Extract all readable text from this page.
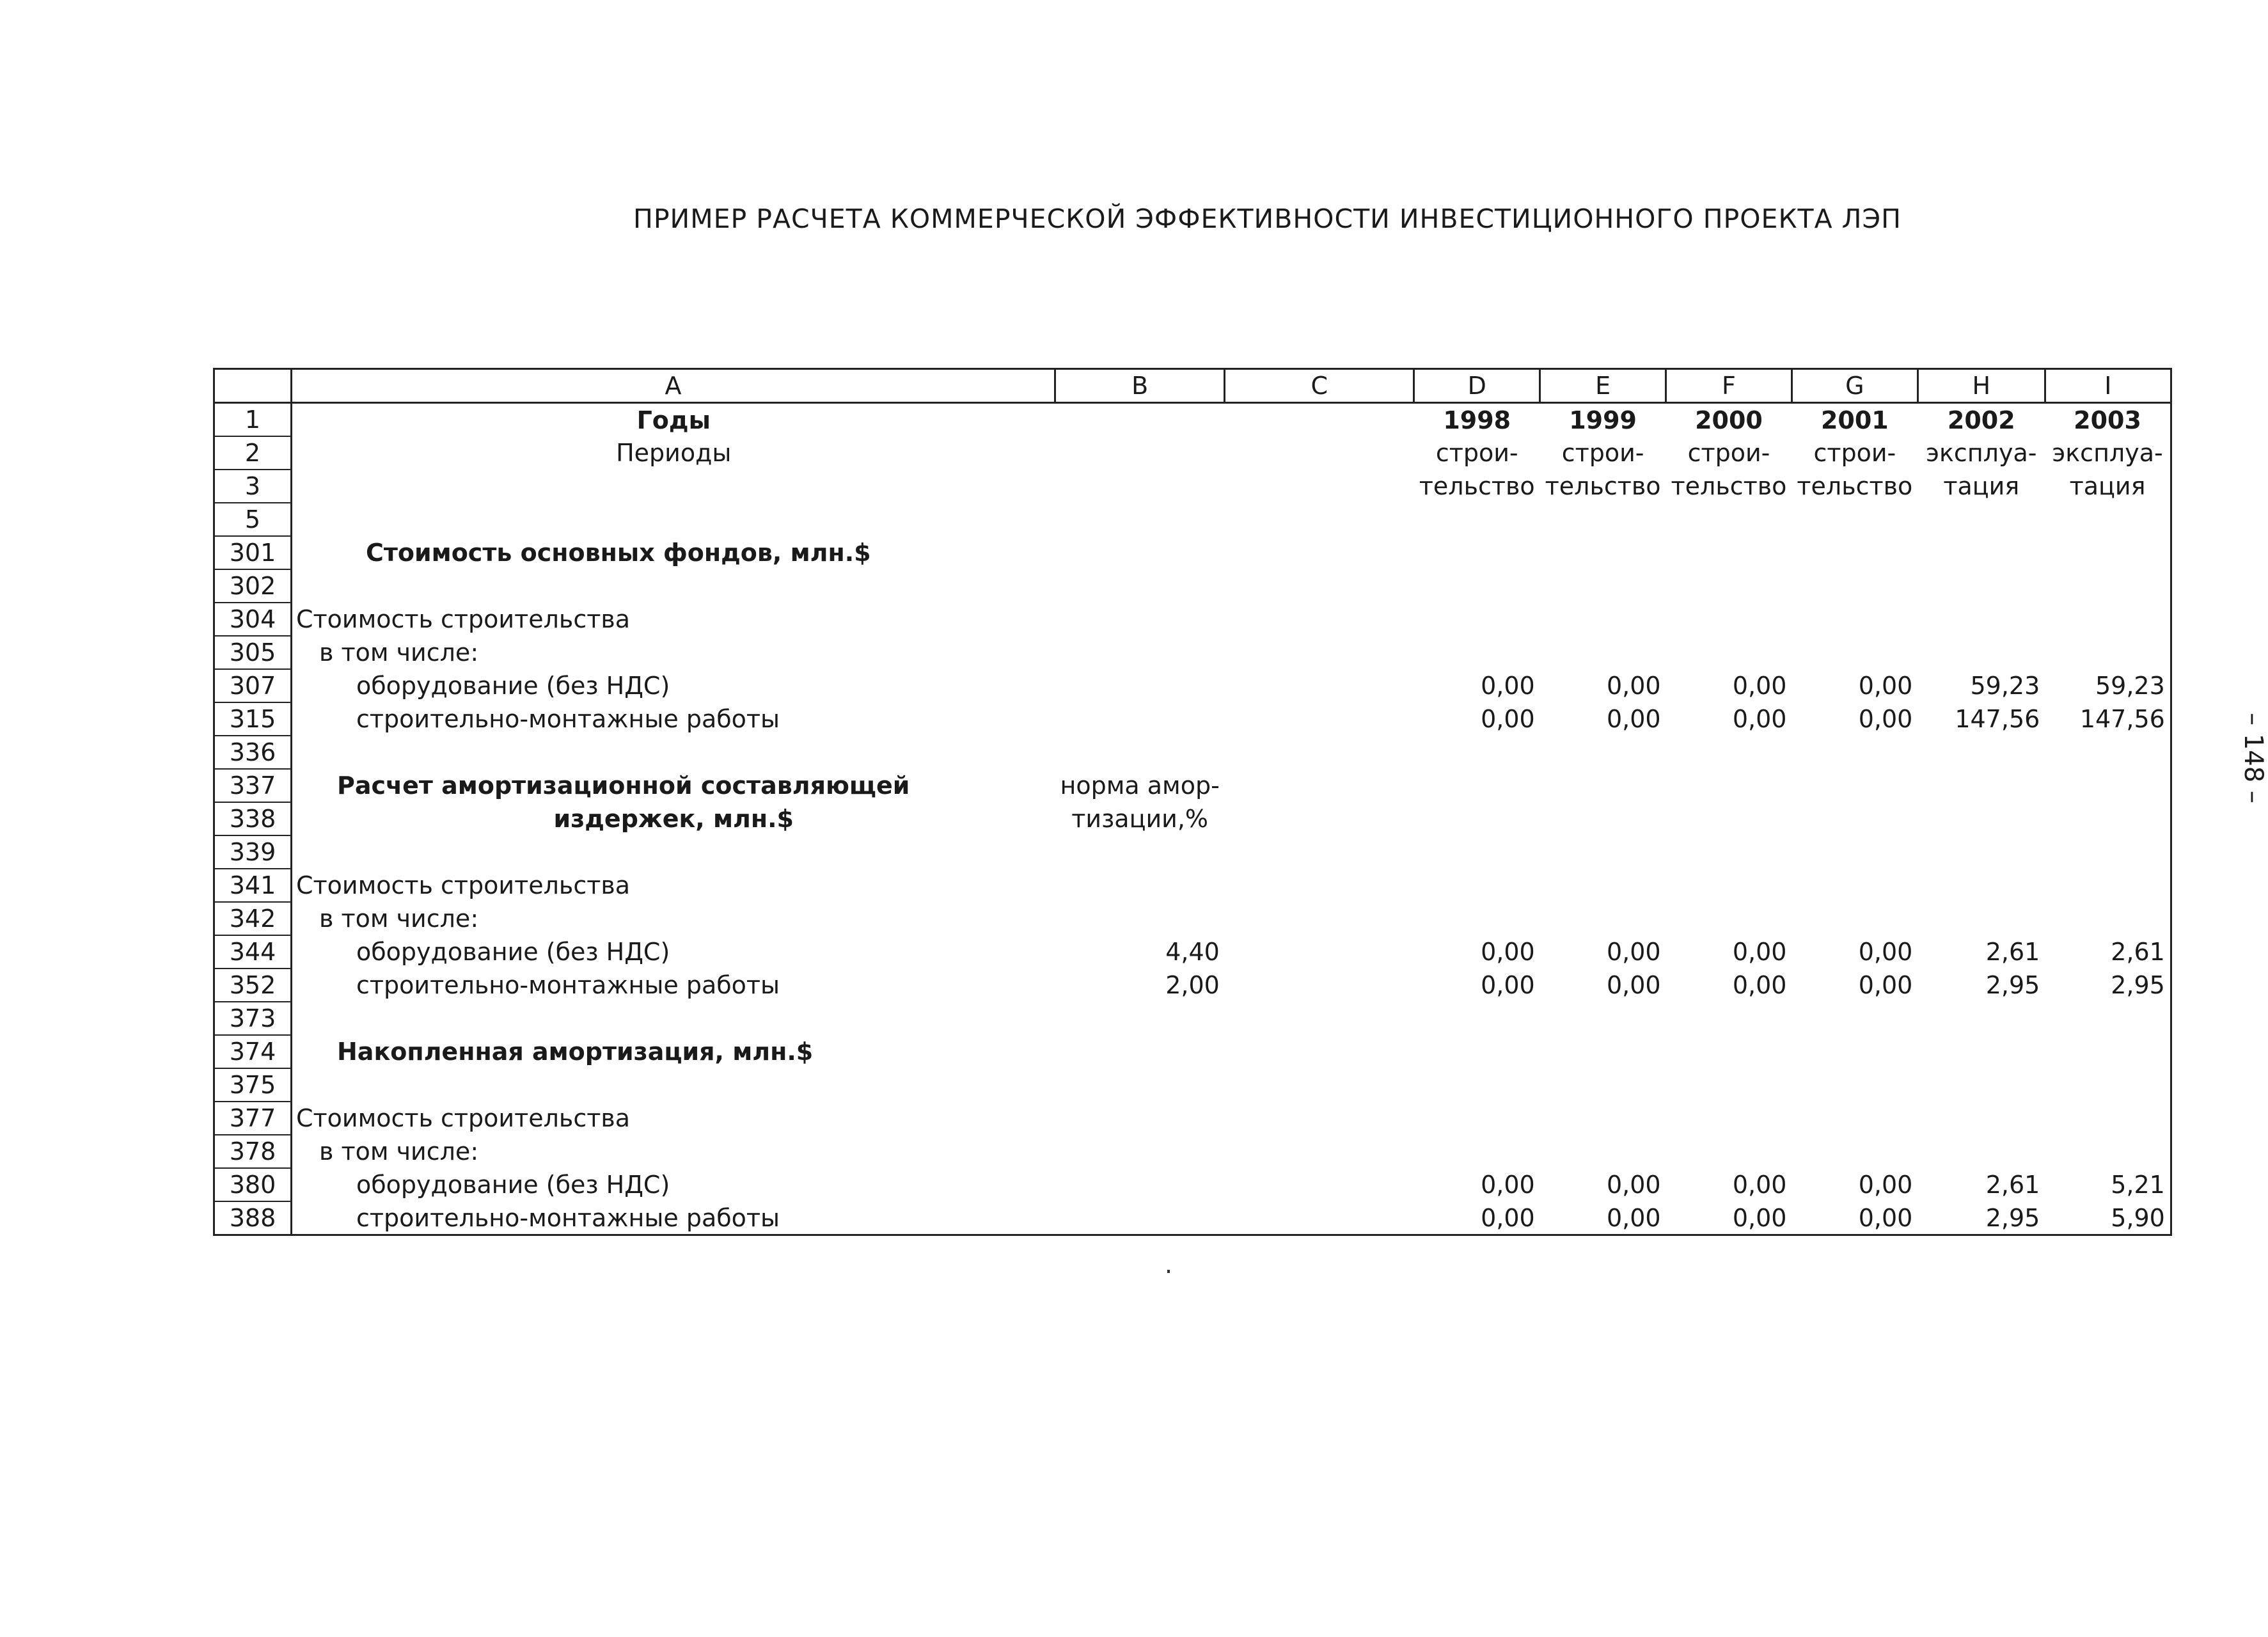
ПРИМЕР РАСЧЕТА КОММЕРЧЕСКОЙ ЭФФЕКТИВНОСТИ ИНВЕСТИЦИОННОГО ПРОЕКТА ЛЭП
– 148 –
	A	B	C	D	E	F	G	H	I
1	Годы			1998	1999	2000	2001	2002	2003
2	Периоды			строи-	строи-	строи-	строи-	эксплуа-	эксплуа-
3				тельство	тельство	тельство	тельство	тация	тация
5									
301	Стоимость основных фондов, млн.$								
302									
304	Стоимость строительства								
305	в том числе:								
307	оборудование (без НДС)			0,00	0,00	0,00	0,00	59,23	59,23
315	строительно-монтажные работы			0,00	0,00	0,00	0,00	147,56	147,56
336									
337	Расчет амортизационной составляющей	норма амор-							
338	издержек, млн.$	тизации,%							
339									
341	Стоимость строительства								
342	в том числе:								
344	оборудование (без НДС)	4,40		0,00	0,00	0,00	0,00	2,61	2,61
352	строительно-монтажные работы	2,00		0,00	0,00	0,00	0,00	2,95	2,95
373									
374	Накопленная амортизация, млн.$								
375									
377	Стоимость строительства								
378	в том числе:								
380	оборудование (без НДС)			0,00	0,00	0,00	0,00	2,61	5,21
388	строительно-монтажные работы			0,00	0,00	0,00	0,00	2,95	5,90
